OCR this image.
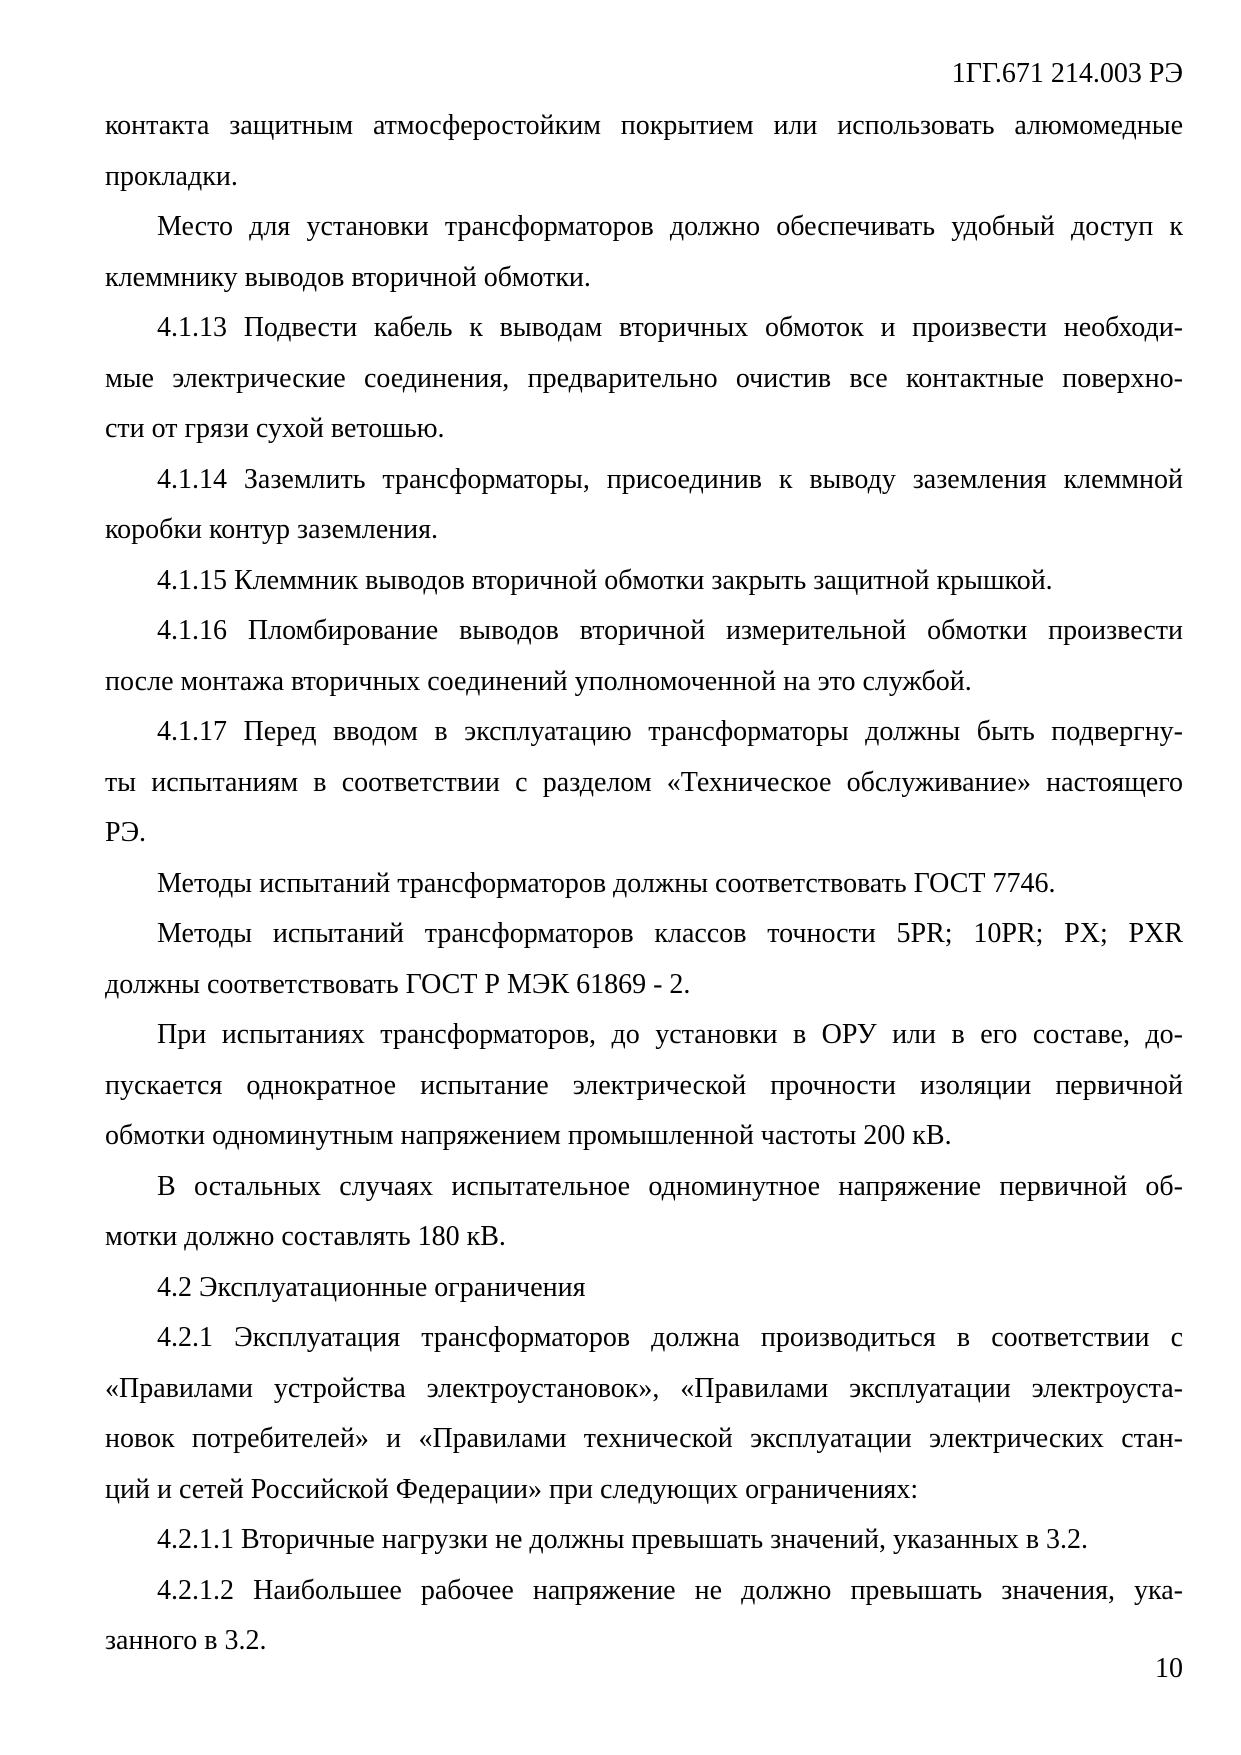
1ГГ.671 214.003 РЭ
контакта защитным атмосферостойким покрытием или использовать алюмомедные
прокладки.
Место для установки трансформаторов должно обеспечивать удобный доступ к
клеммнику выводов вторичной обмотки.
4.1.13 Подвести кабель к выводам вторичных обмоток и произвести необходи-
мые электрические соединения, предварительно очистив все контактные поверхно-
сти от грязи сухой ветошью.
4.1.14 Заземлить трансформаторы, присоединив к выводу заземления клеммной
коробки контур заземления.
4.1.15 Клеммник выводов вторичной обмотки закрыть защитной крышкой.
4.1.16 Пломбирование выводов вторичной измерительной обмотки произвести
после монтажа вторичных соединений уполномоченной на это службой.
4.1.17 Перед вводом в эксплуатацию трансформаторы должны быть подвергну-
ты испытаниям в соответствии с разделом «Техническое обслуживание» настоящего
РЭ.
Методы испытаний трансформаторов должны соответствовать ГОСТ 7746.
Методы испытаний трансформаторов классов точности 5PR; 10PR; PX; PXR
должны соответствовать ГОСТ Р МЭК 61869 - 2.
При испытаниях трансформаторов, до установки в ОРУ или в его составе, до-
пускается однократное испытание электрической прочности изоляции первичной
обмотки одноминутным напряжением промышленной частоты 200 кВ.
В остальных случаях испытательное одноминутное напряжение первичной об-
мотки должно составлять 180 кВ.
4.2 Эксплуатационные ограничения
4.2.1 Эксплуатация трансформаторов должна производиться в соответствии с
«Правилами устройства электроустановок», «Правилами эксплуатации электроуста-
новок потребителей» и «Правилами технической эксплуатации электрических стан-
ций и сетей Российской Федерации» при следующих ограничениях:
4.2.1.1 Вторичные нагрузки не должны превышать значений, указанных в 3.2.
4.2.1.2 Наибольшее рабочее напряжение не должно превышать значения, ука-
занного в 3.2.
10
